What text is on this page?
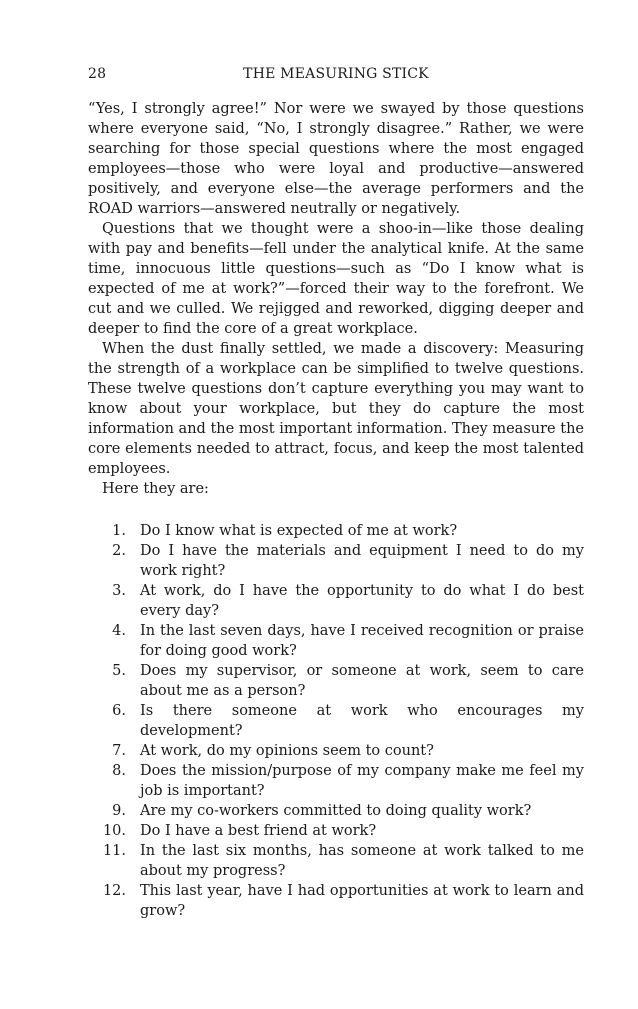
28	THE MEASURING STICK

“Yes, I strongly agree!” Nor were we swayed by those questions where everyone said, “No, I strongly disagree.” Rather, we were searching for those special questions where the most engaged employees—those who were loyal and productive—answered positively, and everyone else—the average performers and the ROAD warriors—answered neutrally or negatively.

Questions that we thought were a shoo-in—like those dealing with pay and benefits—fell under the analytical knife. At the same time, innocuous little questions—such as “Do I know what is expected of me at work?”—forced their way to the forefront. We cut and we culled. We rejigged and reworked, digging deeper and deeper to find the core of a great workplace.

When the dust finally settled, we made a discovery: Measuring the strength of a workplace can be simplified to twelve questions. These twelve questions don’t capture everything you may want to know about your workplace, but they do capture the most information and the most important information. They measure the core elements needed to attract, focus, and keep the most talented employees.

Here they are:

1. Do I know what is expected of me at work?
2. Do I have the materials and equipment I need to do my work right?
3. At work, do I have the opportunity to do what I do best every day?
4. In the last seven days, have I received recognition or praise for doing good work?
5. Does my supervisor, or someone at work, seem to care about me as a person?
6. Is there someone at work who encourages my development?
7. At work, do my opinions seem to count?
8. Does the mission/purpose of my company make me feel my job is important?
9. Are my co-workers committed to doing quality work?
10. Do I have a best friend at work?
11. In the last six months, has someone at work talked to me about my progress?
12. This last year, have I had opportunities at work to learn and grow?
